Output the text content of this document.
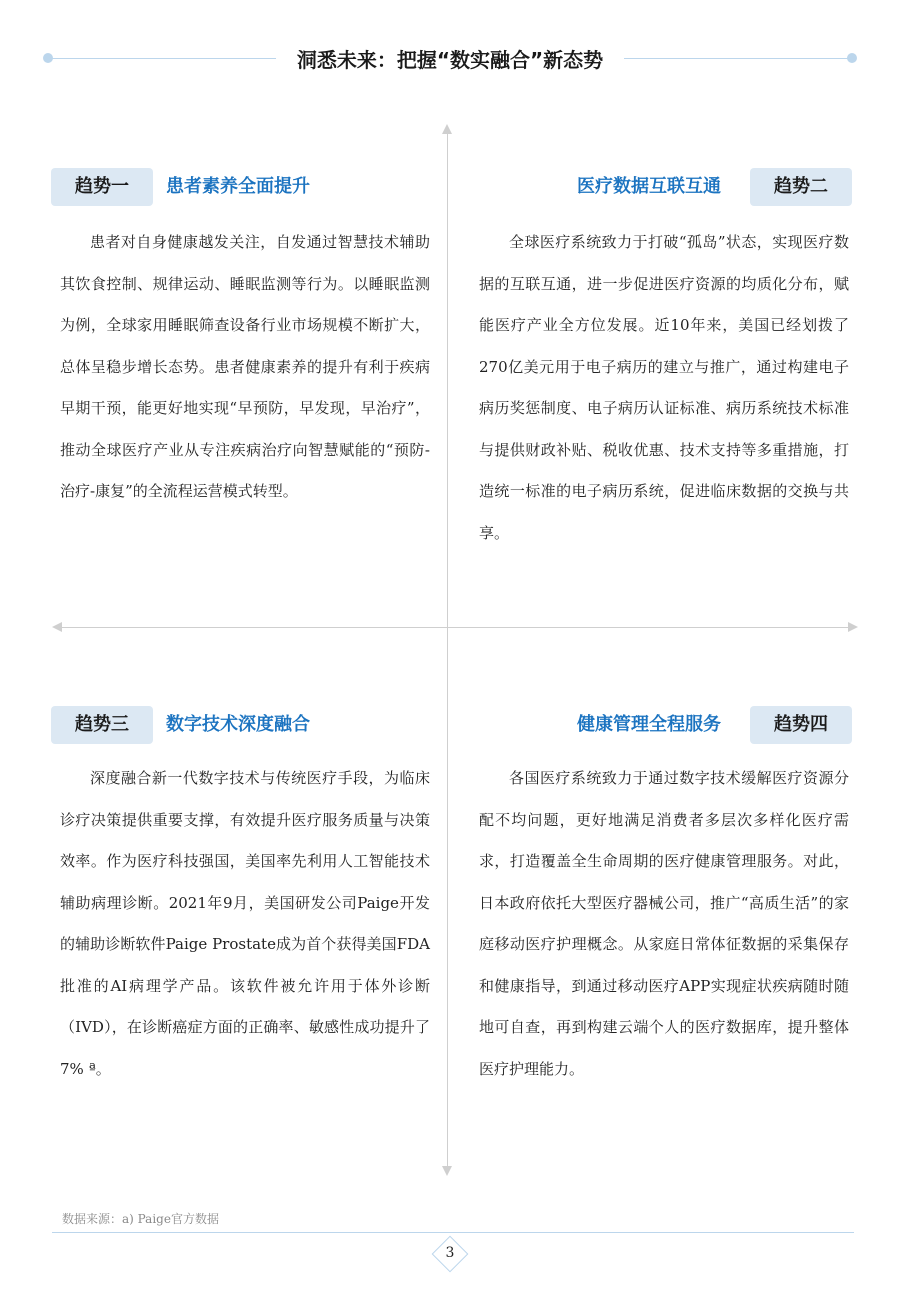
洞悉未来：把握“数实融合”新态势
趋势一	患者素养全面提升

患者对自身健康越发关注，自发通过智慧技术辅助其饮食控制、规律运动、睡眠监测等行为。以睡眠监测为例，全球家用睡眠筛查设备行业市场规模不断扩大，总体呈稳步增长态势。患者健康素养的提升有利于疾病早期干预，能更好地实现“早预防，早发现，早治疗”，推动全球医疗产业从专注疾病治疗向智慧赋能的“预防-治疗-康复”的全流程运营模式转型。

医疗数据互联互通	趋势二

全球医疗系统致力于打破“孤岛”状态，实现医疗数据的互联互通，进一步促进医疗资源的均质化分布，赋能医疗产业全方位发展。近10年来，美国已经划拨了270亿美元用于电子病历的建立与推广，通过构建电子病历奖惩制度、电子病历认证标准、病历系统技术标准与提供财政补贴、税收优惠、技术支持等多重措施，打造统一标准的电子病历系统，促进临床数据的交换与共享。

趋势三	数字技术深度融合

深度融合新一代数字技术与传统医疗手段，为临床诊疗决策提供重要支撑，有效提升医疗服务质量与决策效率。作为医疗科技强国，美国率先利用人工智能技术辅助病理诊断。2021年9月，美国研发公司Paige开发的辅助诊断软件Paige Prostate成为首个获得美国FDA批准的AI病理学产品。该软件被允许用于体外诊断（IVD），在诊断癌症方面的正确率、敏感性成功提升了7% ª。

健康管理全程服务	趋势四

各国医疗系统致力于通过数字技术缓解医疗资源分配不均问题，更好地满足消费者多层次多样化医疗需求，打造覆盖全生命周期的医疗健康管理服务。对此，日本政府依托大型医疗器械公司，推广“高质生活”的家庭移动医疗护理概念。从家庭日常体征数据的采集保存和健康指导，到通过移动医疗APP实现症状疾病随时随地可自查，再到构建云端个人的医疗数据库，提升整体医疗护理能力。

数据来源：a) Paige官方数据
3
